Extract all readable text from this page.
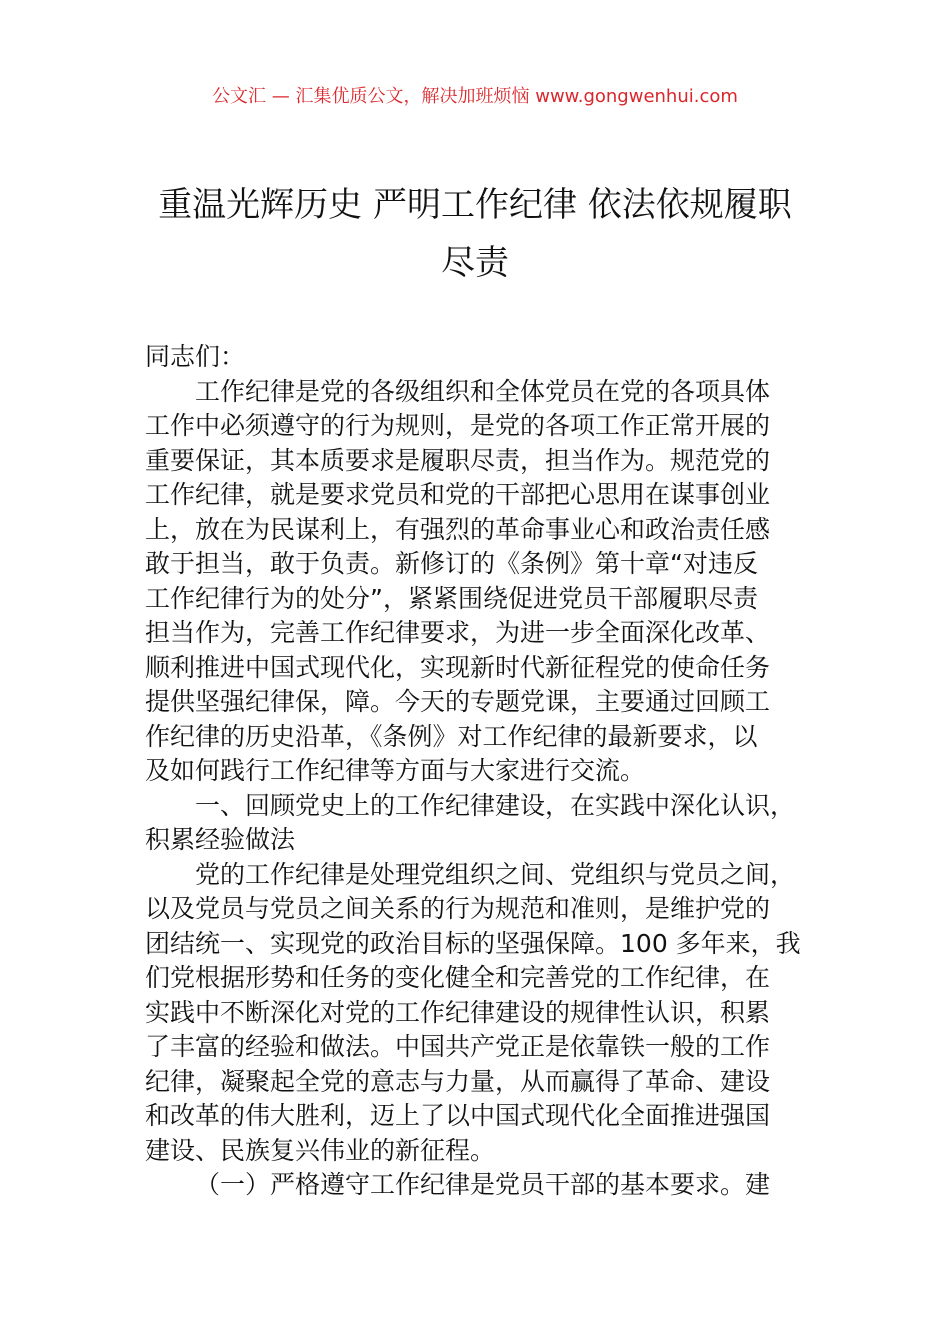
公文汇 — 汇集优质公文，解决加班烦恼 www.gongwenhui.com
重温光辉历史 严明工作纪律 依法依规履职
尽责
同志们：
工作纪律是党的各级组织和全体党员在党的各项具体
工作中必须遵守的行为规则，是党的各项工作正常开展的
重要保证，其本质要求是履职尽责，担当作为。规范党的
工作纪律，就是要求党员和党的干部把心思用在谋事创业
上，放在为民谋利上，有强烈的革命事业心和政治责任感
敢于担当，敢于负责。新修订的《条例》第十章“对违反
工作纪律行为的处分”，紧紧围绕促进党员干部履职尽责
担当作为，完善工作纪律要求，为进一步全面深化改革、
顺利推进中国式现代化，实现新时代新征程党的使命任务
提供坚强纪律保，障。今天的专题党课，主要通过回顾工
作纪律的历史沿革，《条例》对工作纪律的最新要求，以
及如何践行工作纪律等方面与大家进行交流。
一、回顾党史上的工作纪律建设，在实践中深化认识，
积累经验做法
党的工作纪律是处理党组织之间、党组织与党员之间，
以及党员与党员之间关系的行为规范和准则，是维护党的
团结统一、实现党的政治目标的坚强保障。100 多年来，我
们党根据形势和任务的变化健全和完善党的工作纪律，在
实践中不断深化对党的工作纪律建设的规律性认识，积累
了丰富的经验和做法。中国共产党正是依靠铁一般的工作
纪律，凝聚起全党的意志与力量，从而赢得了革命、建设
和改革的伟大胜利，迈上了以中国式现代化全面推进强国
建设、民族复兴伟业的新征程。
（一）严格遵守工作纪律是党员干部的基本要求。建
